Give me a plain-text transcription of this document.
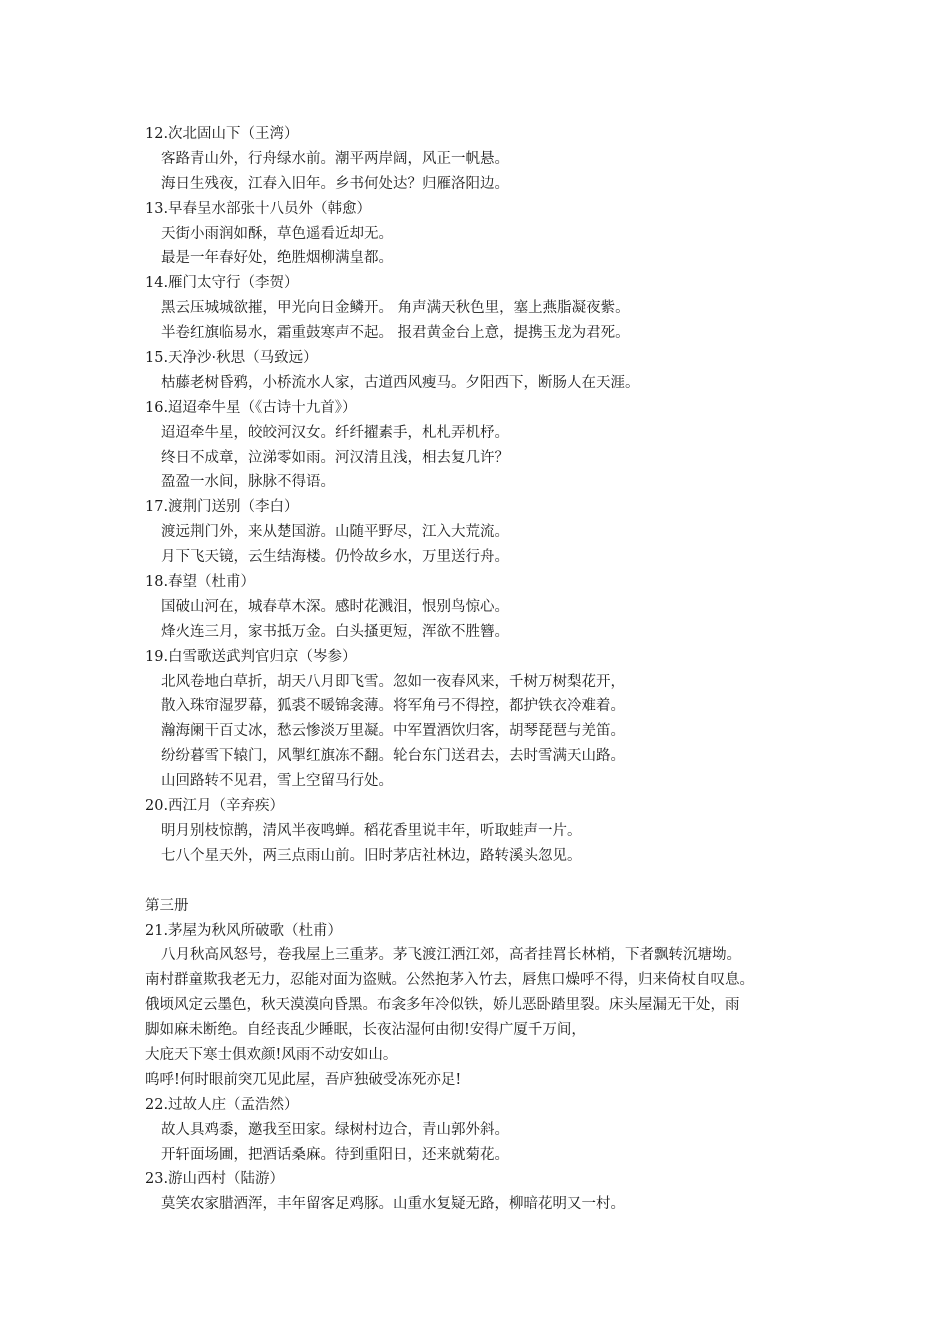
12.次北固山下（王湾）
客路青山外，行舟绿水前。潮平两岸阔，风正一帆悬。
海日生残夜，江春入旧年。乡书何处达？归雁洛阳边。
13.早春呈水部张十八员外（韩愈）
天街小雨润如酥，草色遥看近却无。
最是一年春好处，绝胜烟柳满皇都。
14.雁门太守行（李贺）
黑云压城城欲摧，甲光向日金鳞开。 角声满天秋色里，塞上燕脂凝夜紫。
半卷红旗临易水，霜重鼓寒声不起。 报君黄金台上意，提携玉龙为君死。
15.天净沙·秋思（马致远）
枯藤老树昏鸦，小桥流水人家，古道西风瘦马。夕阳西下，断肠人在天涯。
16.迢迢牵牛星（《古诗十九首》）
迢迢牵牛星，皎皎河汉女。纤纤擢素手，札札弄机杼。
终日不成章，泣涕零如雨。河汉清且浅，相去复几许？
盈盈一水间，脉脉不得语。
17.渡荆门送别（李白）
渡远荆门外，来从楚国游。山随平野尽，江入大荒流。
月下飞天镜，云生结海楼。仍怜故乡水，万里送行舟。
18.春望（杜甫）
国破山河在，城春草木深。感时花溅泪，恨别鸟惊心。
烽火连三月，家书抵万金。白头搔更短，浑欲不胜簪。
19.白雪歌送武判官归京（岑参）
北风卷地白草折，胡天八月即飞雪。忽如一夜春风来，千树万树梨花开，
散入珠帘湿罗幕，狐裘不暖锦衾薄。将军角弓不得控，都护铁衣冷难着。
瀚海阑干百丈冰，愁云惨淡万里凝。中军置酒饮归客，胡琴琵琶与羌笛。
纷纷暮雪下辕门，风掣红旗冻不翻。轮台东门送君去，去时雪满天山路。
山回路转不见君，雪上空留马行处。
20.西江月（辛弃疾）
明月别枝惊鹊，清风半夜鸣蝉。稻花香里说丰年，听取蛙声一片。
七八个星天外，两三点雨山前。旧时茅店社林边，路转溪头忽见。
第三册
21.茅屋为秋风所破歌（杜甫）
八月秋高风怒号，卷我屋上三重茅。茅飞渡江洒江郊，高者挂罥长林梢，下者飘转沉塘坳。
南村群童欺我老无力，忍能对面为盗贼。公然抱茅入竹去，唇焦口燥呼不得，归来倚杖自叹息。
俄顷风定云墨色，秋天漠漠向昏黑。布衾多年冷似铁，娇儿恶卧踏里裂。床头屋漏无干处，雨
脚如麻未断绝。自经丧乱少睡眠，长夜沾湿何由彻!安得广厦千万间，
大庇天下寒士俱欢颜!风雨不动安如山。
呜呼!何时眼前突兀见此屋，吾庐独破受冻死亦足!
22.过故人庄（孟浩然）
故人具鸡黍，邀我至田家。绿树村边合，青山郭外斜。
开轩面场圃，把酒话桑麻。待到重阳日，还来就菊花。
23.游山西村（陆游）
莫笑农家腊酒浑，丰年留客足鸡豚。山重水复疑无路，柳暗花明又一村。
